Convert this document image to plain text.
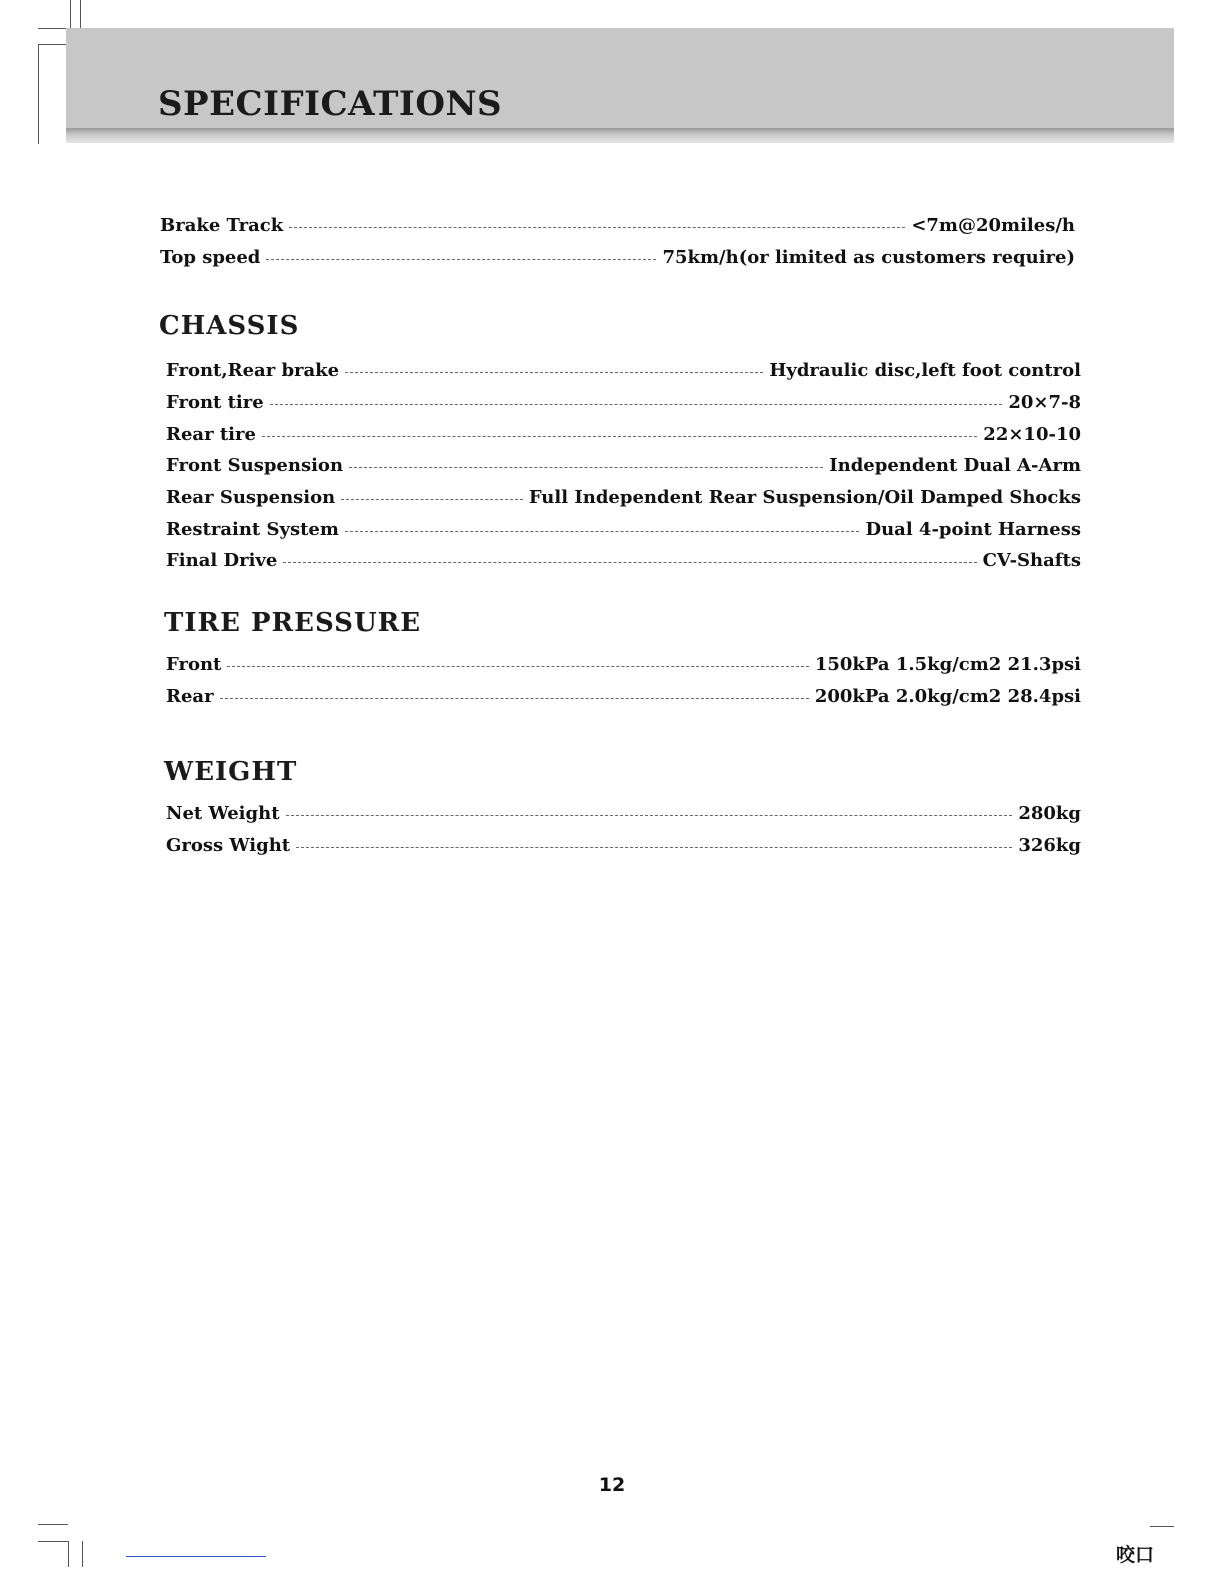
SPECIFICATIONS
Brake Track	<7m@20miles/h
Top speed	75km/h(or limited as customers require)
CHASSIS
Front,Rear brake	Hydraulic disc,left foot control
Front tire	20×7-8
Rear tire	22×10-10
Front Suspension	Independent Dual A-Arm
Rear Suspension	Full Independent Rear Suspension/Oil Damped Shocks
Restraint System	Dual 4-point Harness
Final Drive	CV-Shafts
TIRE PRESSURE
Front	150kPa 1.5kg/cm2 21.3psi
Rear	200kPa 2.0kg/cm2 28.4psi
WEIGHT
Net Weight	280kg
Gross Wight	326kg
12
咬口
